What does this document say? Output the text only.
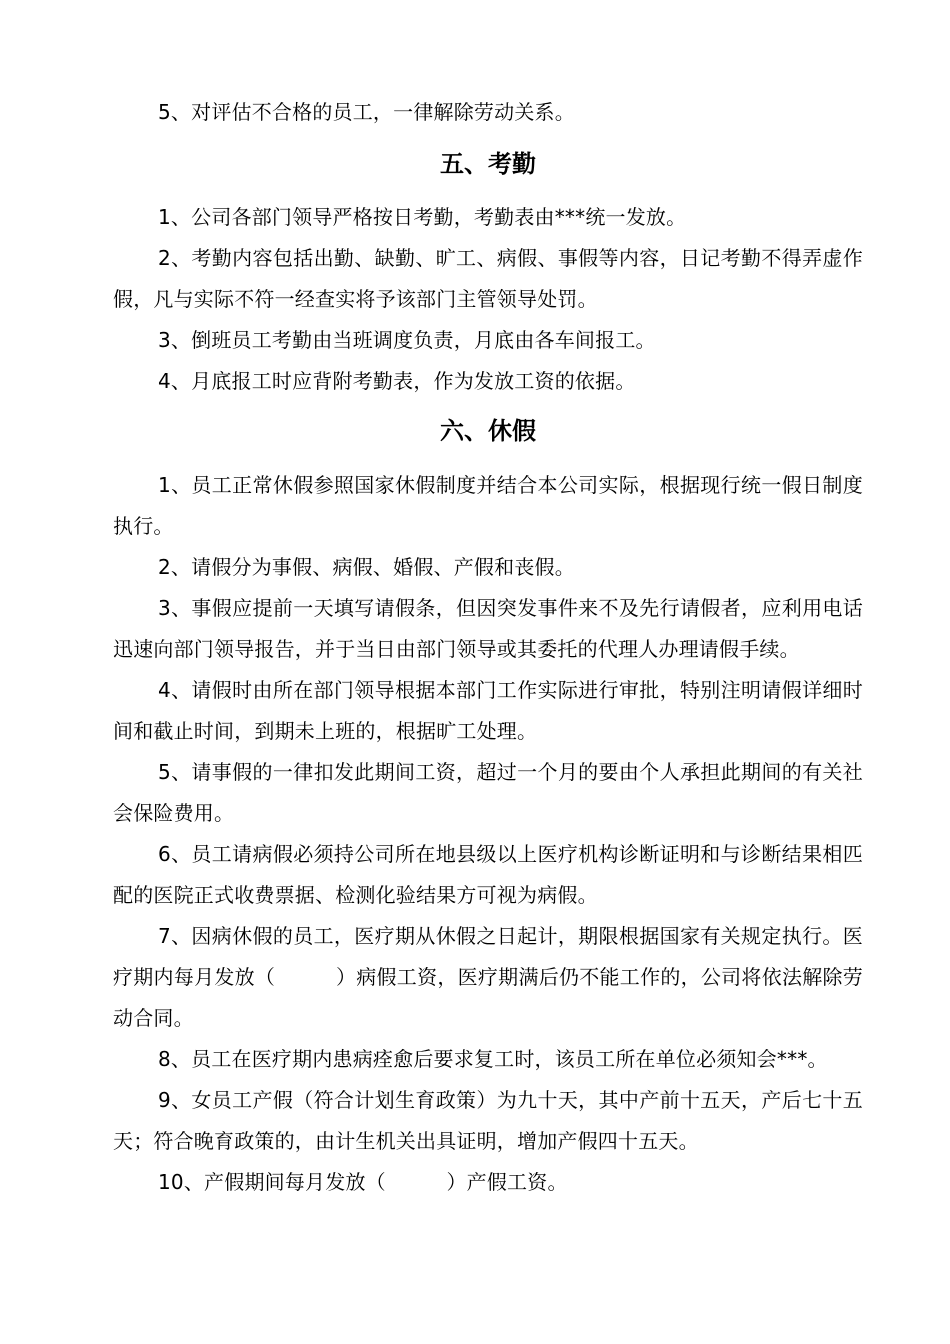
5、对评估不合格的员工，一律解除劳动关系。

五、考勤

1、公司各部门领导严格按日考勤，考勤表由***统一发放。

2、考勤内容包括出勤、缺勤、旷工、病假、事假等内容，日记考勤不得弄虚作假，凡与实际不符一经查实将予该部门主管领导处罚。

3、倒班员工考勤由当班调度负责，月底由各车间报工。

4、月底报工时应背附考勤表，作为发放工资的依据。

六、休假

1、员工正常休假参照国家休假制度并结合本公司实际，根据现行统一假日制度执行。

2、请假分为事假、病假、婚假、产假和丧假。

3、事假应提前一天填写请假条，但因突发事件来不及先行请假者，应利用电话迅速向部门领导报告，并于当日由部门领导或其委托的代理人办理请假手续。

4、请假时由所在部门领导根据本部门工作实际进行审批，特别注明请假详细时间和截止时间，到期未上班的，根据旷工处理。

5、请事假的一律扣发此期间工资，超过一个月的要由个人承担此期间的有关社会保险费用。

6、员工请病假必须持公司所在地县级以上医疗机构诊断证明和与诊断结果相匹配的医院正式收费票据、检测化验结果方可视为病假。

7、因病休假的员工，医疗期从休假之日起计，期限根据国家有关规定执行。医疗期内每月发放（　　　）病假工资，医疗期满后仍不能工作的，公司将依法解除劳动合同。

8、员工在医疗期内患病痊愈后要求复工时，该员工所在单位必须知会***。

9、女员工产假（符合计划生育政策）为九十天，其中产前十五天，产后七十五天；符合晚育政策的，由计生机关出具证明，增加产假四十五天。

10、产假期间每月发放（　　　）产假工资。
